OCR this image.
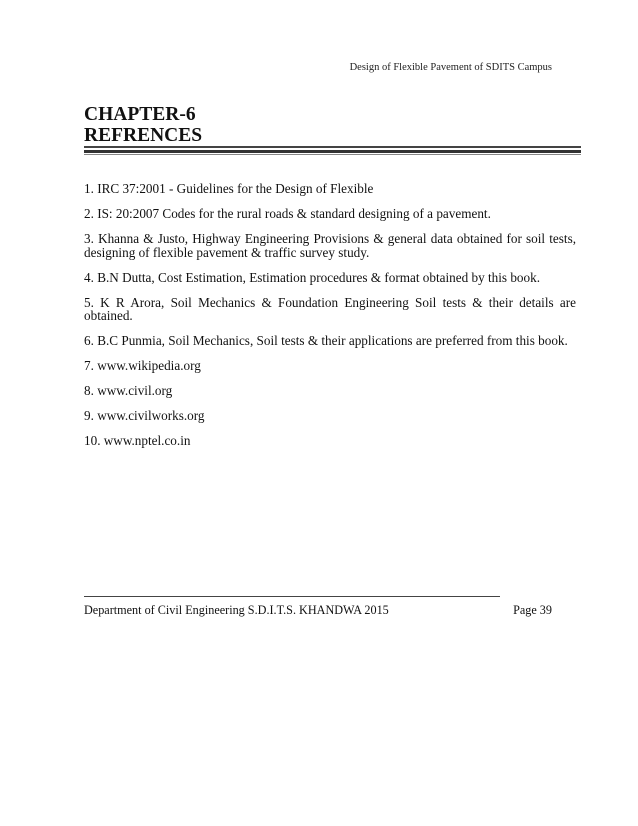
Design of Flexible Pavement of SDITS Campus
CHAPTER-6
REFRENCES
1. IRC 37:2001 - Guidelines for the Design of Flexible
2. IS: 20:2007 Codes for the rural roads & standard designing of a pavement.
3. Khanna & Justo, Highway Engineering Provisions & general data obtained for soil tests, designing of flexible pavement & traffic survey study.
4. B.N Dutta, Cost Estimation, Estimation procedures & format obtained by this book.
5. K R Arora, Soil Mechanics & Foundation Engineering Soil tests & their details are obtained.
6. B.C Punmia, Soil Mechanics, Soil tests & their applications are preferred from this book.
7. www.wikipedia.org
8. www.civil.org
9. www.civilworks.org
10. www.nptel.co.in
Department of Civil Engineering S.D.I.T.S. KHANDWA 2015	Page 39
